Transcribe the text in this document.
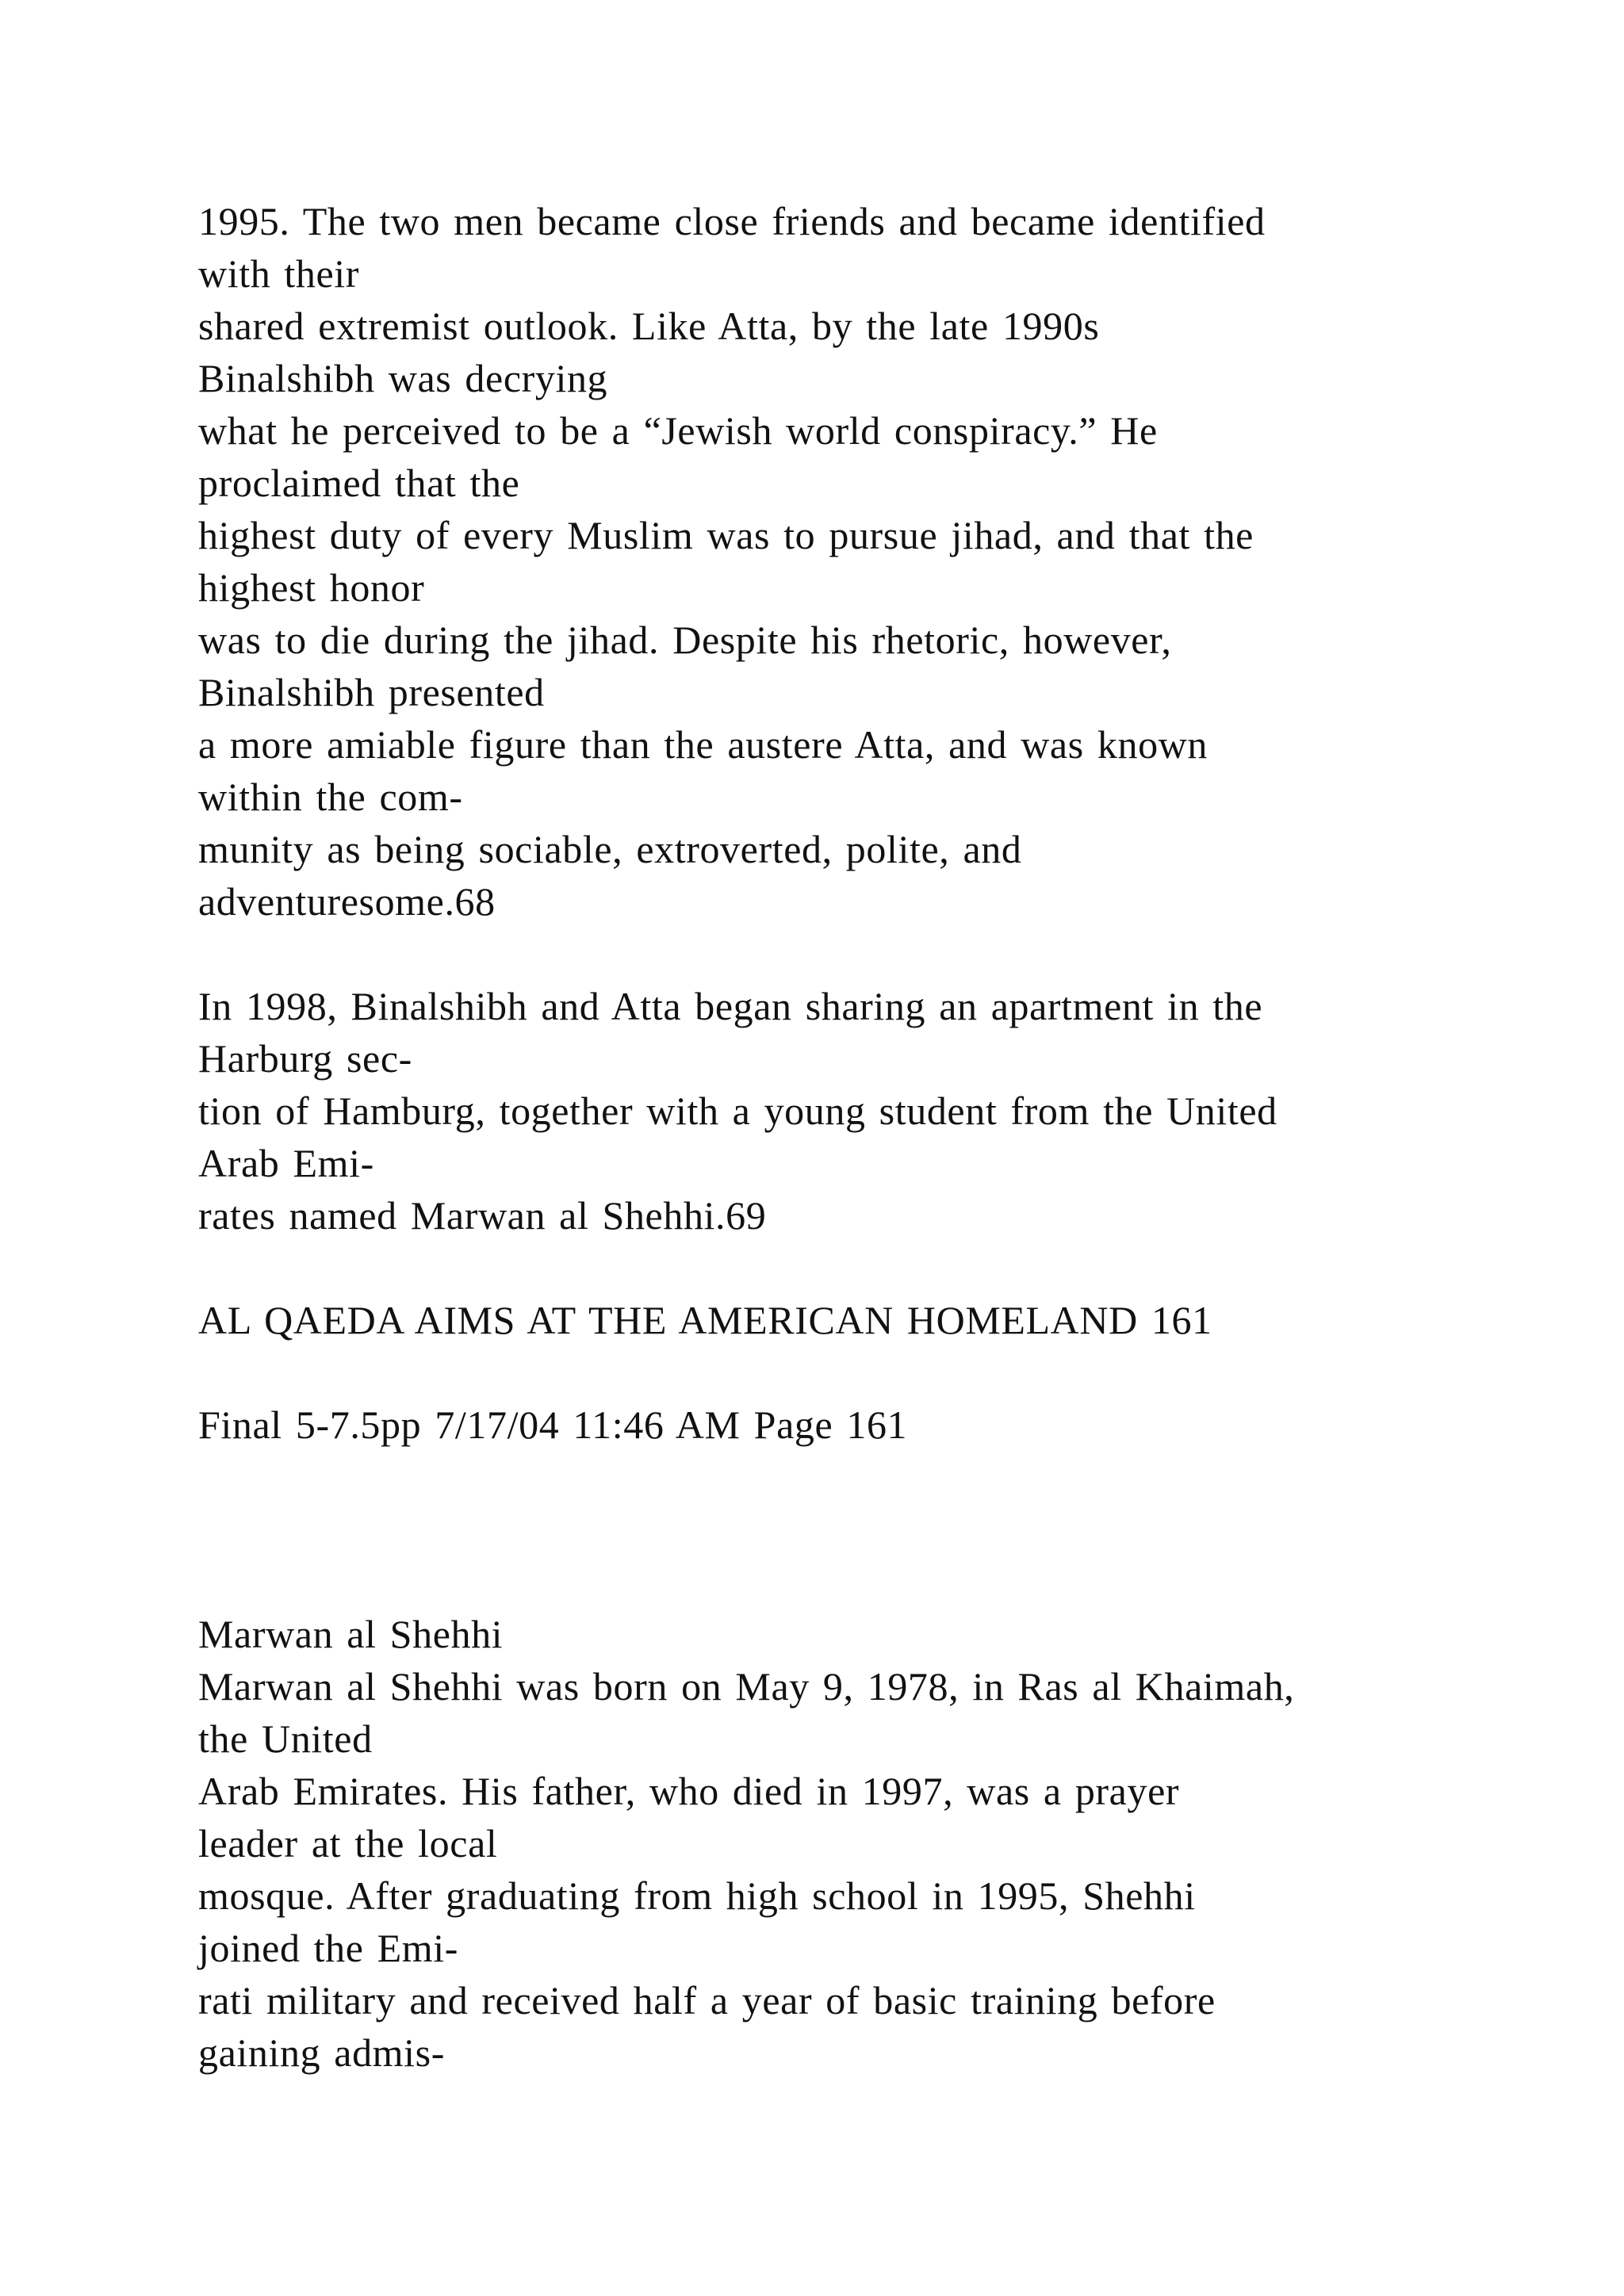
1995. The two men became close friends and became identified
with their
shared extremist outlook. Like Atta, by the late 1990s
Binalshibh was decrying
what he perceived to be a “Jewish world conspiracy.” He
proclaimed that the
highest duty of every Muslim was to pursue jihad, and that the
highest honor
was to die during the jihad. Despite his rhetoric, however,
Binalshibh presented
a more amiable figure than the austere Atta, and was known
within the com-
munity as being sociable, extroverted, polite, and
adventuresome.68
In 1998, Binalshibh and Atta began sharing an apartment in the
Harburg sec-
tion of Hamburg, together with a young student from the United
Arab Emi-
rates named Marwan al Shehhi.69
AL QAEDA AIMS AT THE AMERICAN HOMELAND 161
Final 5-7.5pp 7/17/04 11:46 AM Page 161
Marwan al Shehhi
Marwan al Shehhi was born on May 9, 1978, in Ras al Khaimah,
the United
Arab Emirates. His father, who died in 1997, was a prayer
leader at the local
mosque. After graduating from high school in 1995, Shehhi
joined the Emi-
rati military and received half a year of basic training before
gaining admis-
